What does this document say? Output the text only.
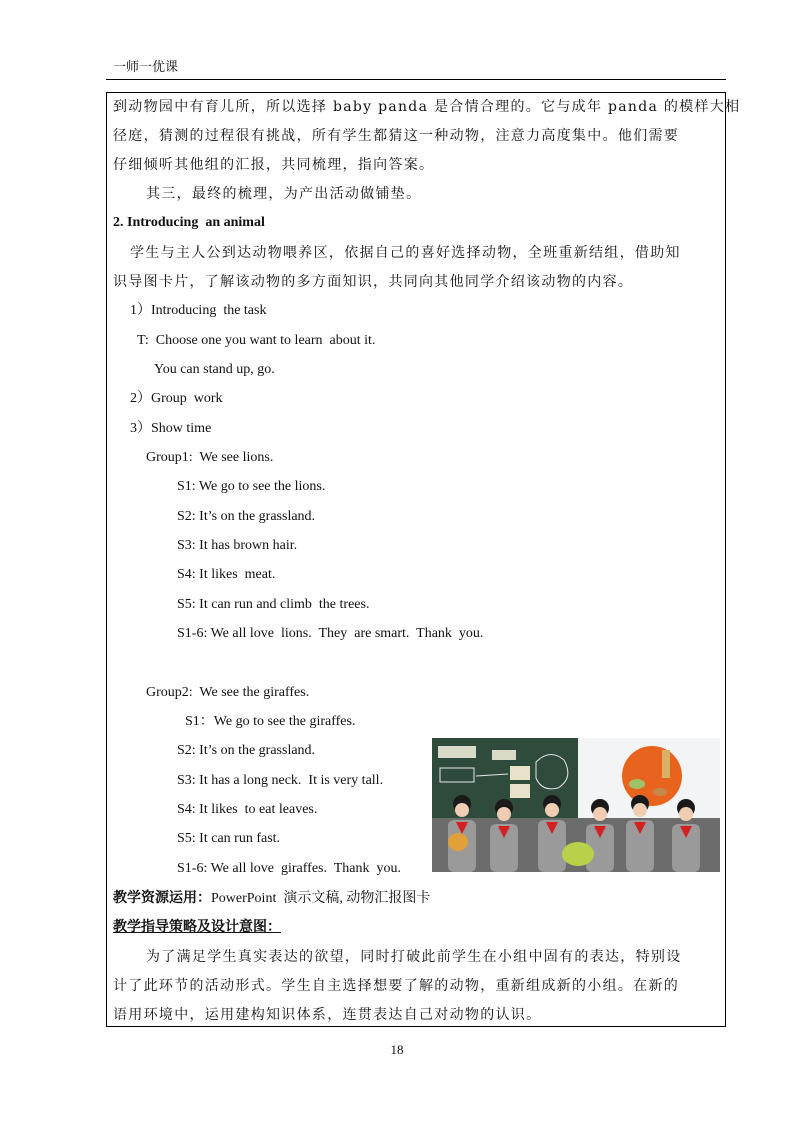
一师一优课
到动物园中有育儿所，所以选择 baby panda 是合情合理的。它与成年 panda 的模样大相
径庭，猜测的过程很有挑战，所有学生都猜这一种动物，注意力高度集中。他们需要
仔细倾听其他组的汇报，共同梳理，指向答案。
其三，最终的梳理，为产出活动做铺垫。
2. Introducing  an animal
学生与主人公到达动物喂养区，依据自己的喜好选择动物，全班重新结组，借助知
识导图卡片，了解该动物的多方面知识，共同向其他同学介绍该动物的内容。
1）Introducing  the task
T:  Choose one you want to learn  about it.
You can stand up, go.
2）Group  work
3）Show time
Group1:  We see lions.
S1: We go to see the lions.
S2: It’s on the grassland.
S3: It has brown hair.
S4: It likes  meat.
S5: It can run and climb  the trees.
S1-6: We all love  lions.  They  are smart.  Thank  you.
Group2:  We see the giraffes.
S1：We go to see the giraffes.
S2: It’s on the grassland.
S3: It has a long neck.  It is very tall.
S4: It likes  to eat leaves.
S5: It can run fast.
S1-6: We all love  giraffes.  Thank  you.
教学资源运用：PowerPoint  演示文稿, 动物汇报图卡
教学指导策略及设计意图：
为了满足学生真实表达的欲望，同时打破此前学生在小组中固有的表达，特别设
计了此环节的活动形式。学生自主选择想要了解的动物，重新组成新的小组。在新的
语用环境中，运用建构知识体系，连贯表达自己对动物的认识。
18
